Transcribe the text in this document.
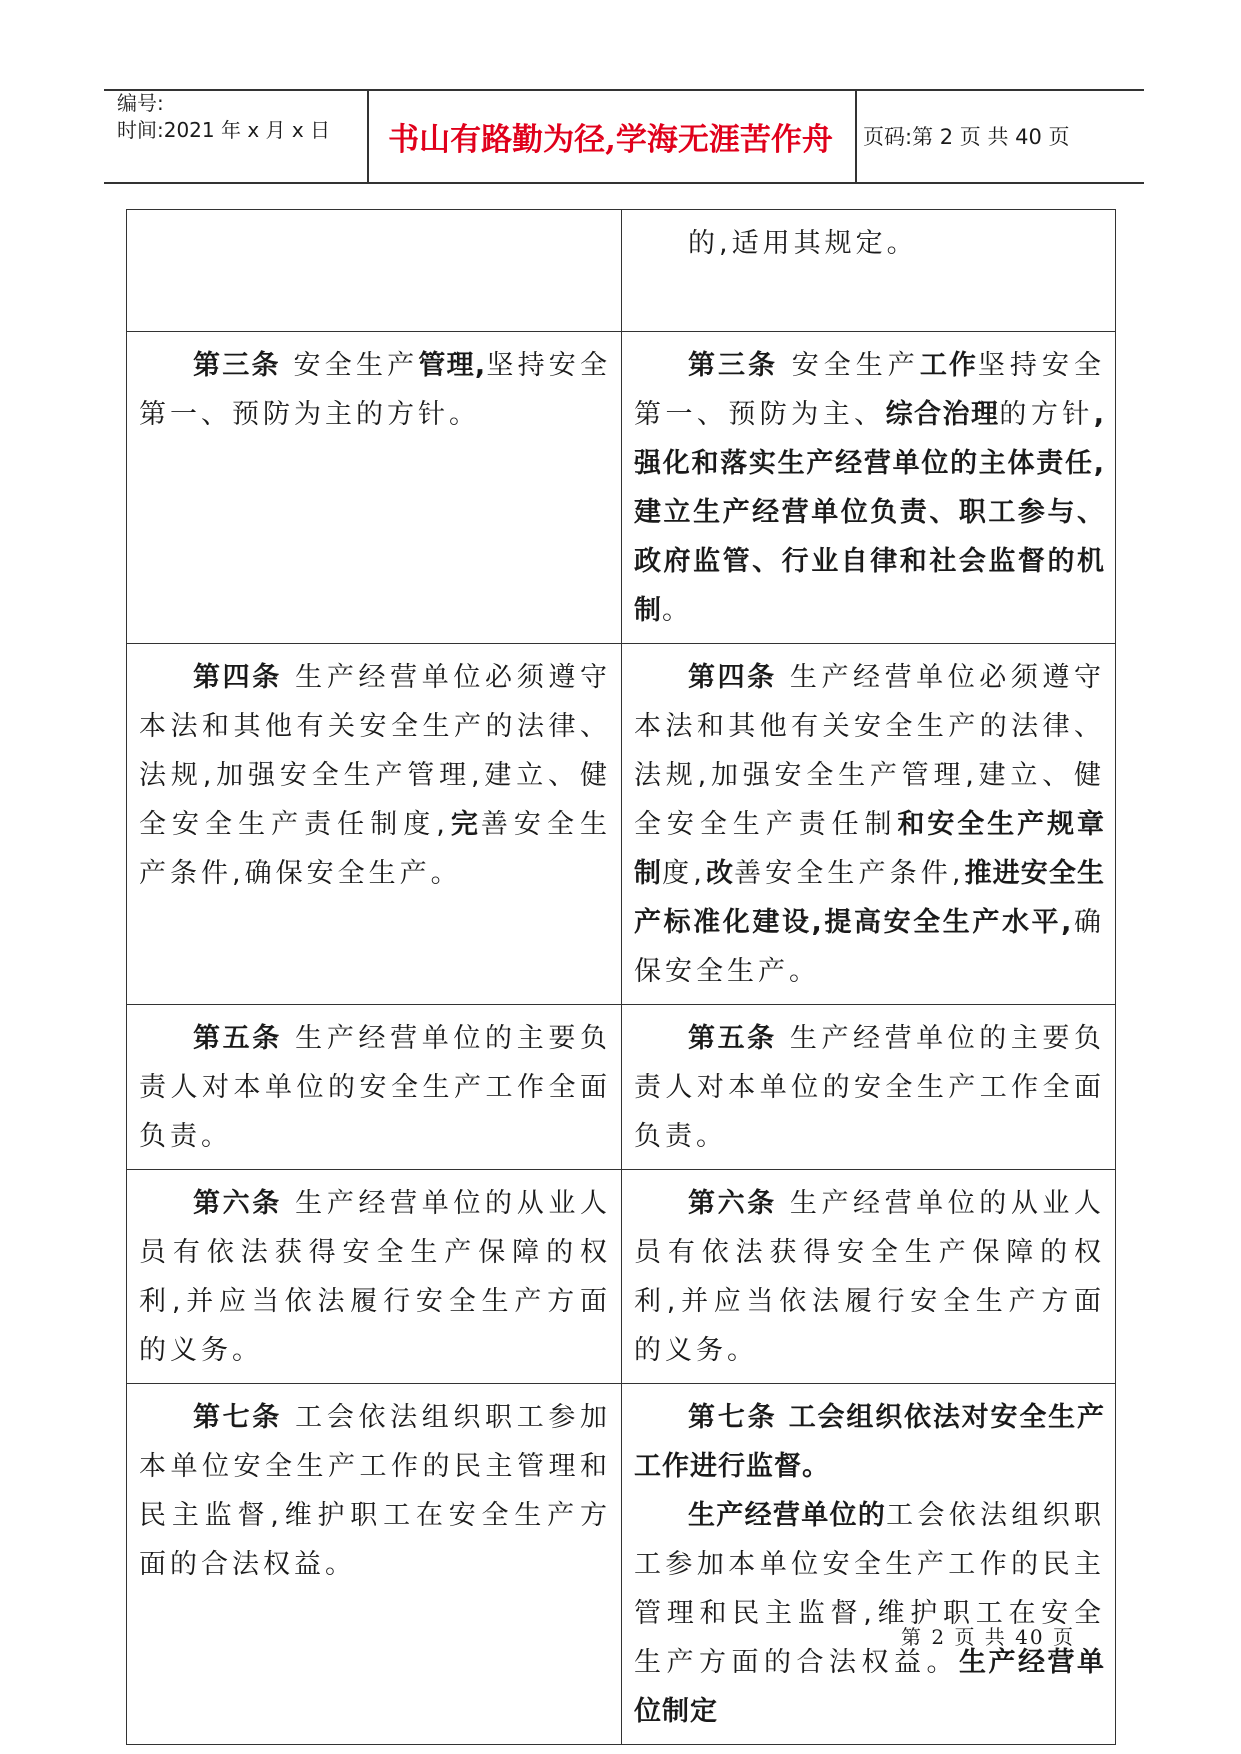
编号:
时间:2021 年 x 月 x 日	书山有路勤为径,学海无涯苦作舟	页码:第 2 页 共 40 页

	的,适用其规定。

第三条 安全生产管理,坚持安全第一、预防为主的方针。	第三条 安全生产工作坚持安全第一、预防为主、综合治理的方针,强化和落实生产经营单位的主体责任,建立生产经营单位负责、职工参与、政府监管、行业自律和社会监督的机制。

第四条 生产经营单位必须遵守本法和其他有关安全生产的法律、法规,加强安全生产管理,建立、健全安全生产责任制度,完善安全生产条件,确保安全生产。	第四条 生产经营单位必须遵守本法和其他有关安全生产的法律、法规,加强安全生产管理,建立、健全安全生产责任制和安全生产规章制度,改善安全生产条件,推进安全生产标准化建设,提高安全生产水平,确保安全生产。

第五条 生产经营单位的主要负责人对本单位的安全生产工作全面负责。	第五条 生产经营单位的主要负责人对本单位的安全生产工作全面负责。

第六条 生产经营单位的从业人员有依法获得安全生产保障的权利,并应当依法履行安全生产方面的义务。	第六条 生产经营单位的从业人员有依法获得安全生产保障的权利,并应当依法履行安全生产方面的义务。

第七条 工会依法组织职工参加本单位安全生产工作的民主管理和民主监督,维护职工在安全生产方面的合法权益。	第七条 工会组织依法对安全生产工作进行监督。
生产经营单位的工会依法组织职工参加本单位安全生产工作的民主管理和民主监督,维护职工在安全生产方面的合法权益。生产经营单位制定
第 2 页 共 40 页
